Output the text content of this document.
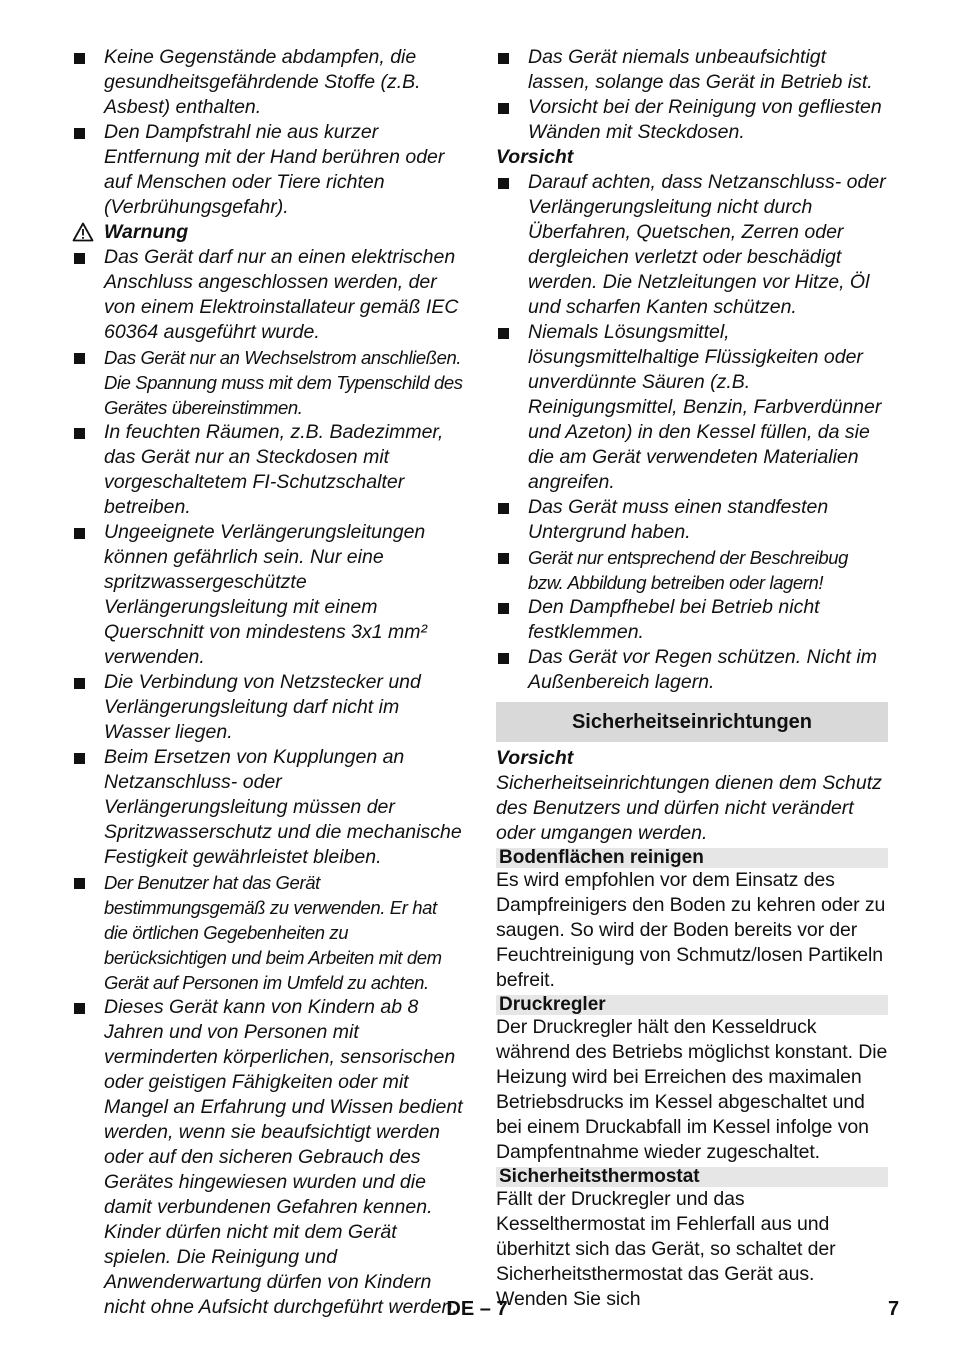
Keine Gegenstände abdampfen, die gesundheitsgefährdende Stoffe (z.B. Asbest) enthalten.
Den Dampfstrahl nie aus kurzer Entfernung mit der Hand berühren oder auf Menschen oder Tiere richten (Verbrühungsgefahr).
Warnung
Das Gerät darf nur an einen elektrischen Anschluss angeschlossen werden, der von einem Elektroinstallateur gemäß IEC 60364 ausgeführt wurde.
Das Gerät nur an Wechselstrom anschließen. Die Spannung muss mit dem Typenschild des Gerätes übereinstimmen.
In feuchten Räumen, z.B. Badezimmer, das Gerät nur an Steckdosen mit vorgeschaltetem FI-Schutzschalter betreiben.
Ungeeignete Verlängerungsleitungen können gefährlich sein. Nur eine spritzwassergeschützte Verlängerungsleitung mit einem Querschnitt von mindestens 3x1 mm² verwenden.
Die Verbindung von Netzstecker und Verlängerungsleitung darf nicht im Wasser liegen.
Beim Ersetzen von Kupplungen an Netzanschluss- oder Verlängerungsleitung müssen der Spritzwasserschutz und die mechanische Festigkeit gewährleistet bleiben.
Der Benutzer hat das Gerät bestimmungsgemäß zu verwenden. Er hat die örtlichen Gegebenheiten zu berücksichtigen und beim Arbeiten mit dem Gerät auf Personen im Umfeld zu achten.
Dieses Gerät kann von Kindern ab 8 Jahren und von Personen mit verminderten körperlichen, sensorischen oder geistigen Fähigkeiten oder mit Mangel an Erfahrung und Wissen bedient werden, wenn sie beaufsichtigt werden oder auf den sicheren Gebrauch des Gerätes hingewiesen wurden und die damit verbundenen Gefahren kennen. Kinder dürfen nicht mit dem Gerät spielen. Die Reinigung und Anwenderwartung dürfen von Kindern nicht ohne Aufsicht durchgeführt werden.
Das Gerät niemals unbeaufsichtigt lassen, solange das Gerät in Betrieb ist.
Vorsicht bei der Reinigung von gefliesten Wänden mit Steckdosen.
Vorsicht
Darauf achten, dass Netzanschluss- oder Verlängerungsleitung nicht durch Überfahren, Quetschen, Zerren oder dergleichen verletzt oder beschädigt werden. Die Netzleitungen vor Hitze, Öl und scharfen Kanten schützen.
Niemals Lösungsmittel, lösungsmittelhaltige Flüssigkeiten oder unverdünnte Säuren (z.B. Reinigungsmittel, Benzin, Farbverdünner und Azeton) in den Kessel füllen, da sie die am Gerät verwendeten Materialien angreifen.
Das Gerät muss einen standfesten Untergrund haben.
Gerät nur entsprechend der Beschreibug bzw. Abbildung betreiben oder lagern!
Den Dampfhebel bei Betrieb nicht festklemmen.
Das Gerät vor Regen schützen. Nicht im Außenbereich lagern.
Sicherheitseinrichtungen
Vorsicht
Sicherheitseinrichtungen dienen dem Schutz des Benutzers und dürfen nicht verändert oder umgangen werden.
Bodenflächen reinigen
Es wird empfohlen vor dem Einsatz des Dampfreinigers den Boden zu kehren oder zu saugen. So wird der Boden bereits vor der Feuchtreinigung von Schmutz/losen Partikeln befreit.
Druckregler
Der Druckregler hält den Kesseldruck während des Betriebs möglichst konstant. Die Heizung wird bei Erreichen des maximalen Betriebsdrucks im Kessel abgeschaltet und bei einem Druckabfall im Kessel infolge von Dampfentnahme wieder zugeschaltet.
Sicherheitsthermostat
Fällt der Druckregler und das Kesselthermostat im Fehlerfall aus und überhitzt sich das Gerät, so schaltet der Sicherheitsthermostat das Gerät aus. Wenden Sie sich
DE – 7	7
